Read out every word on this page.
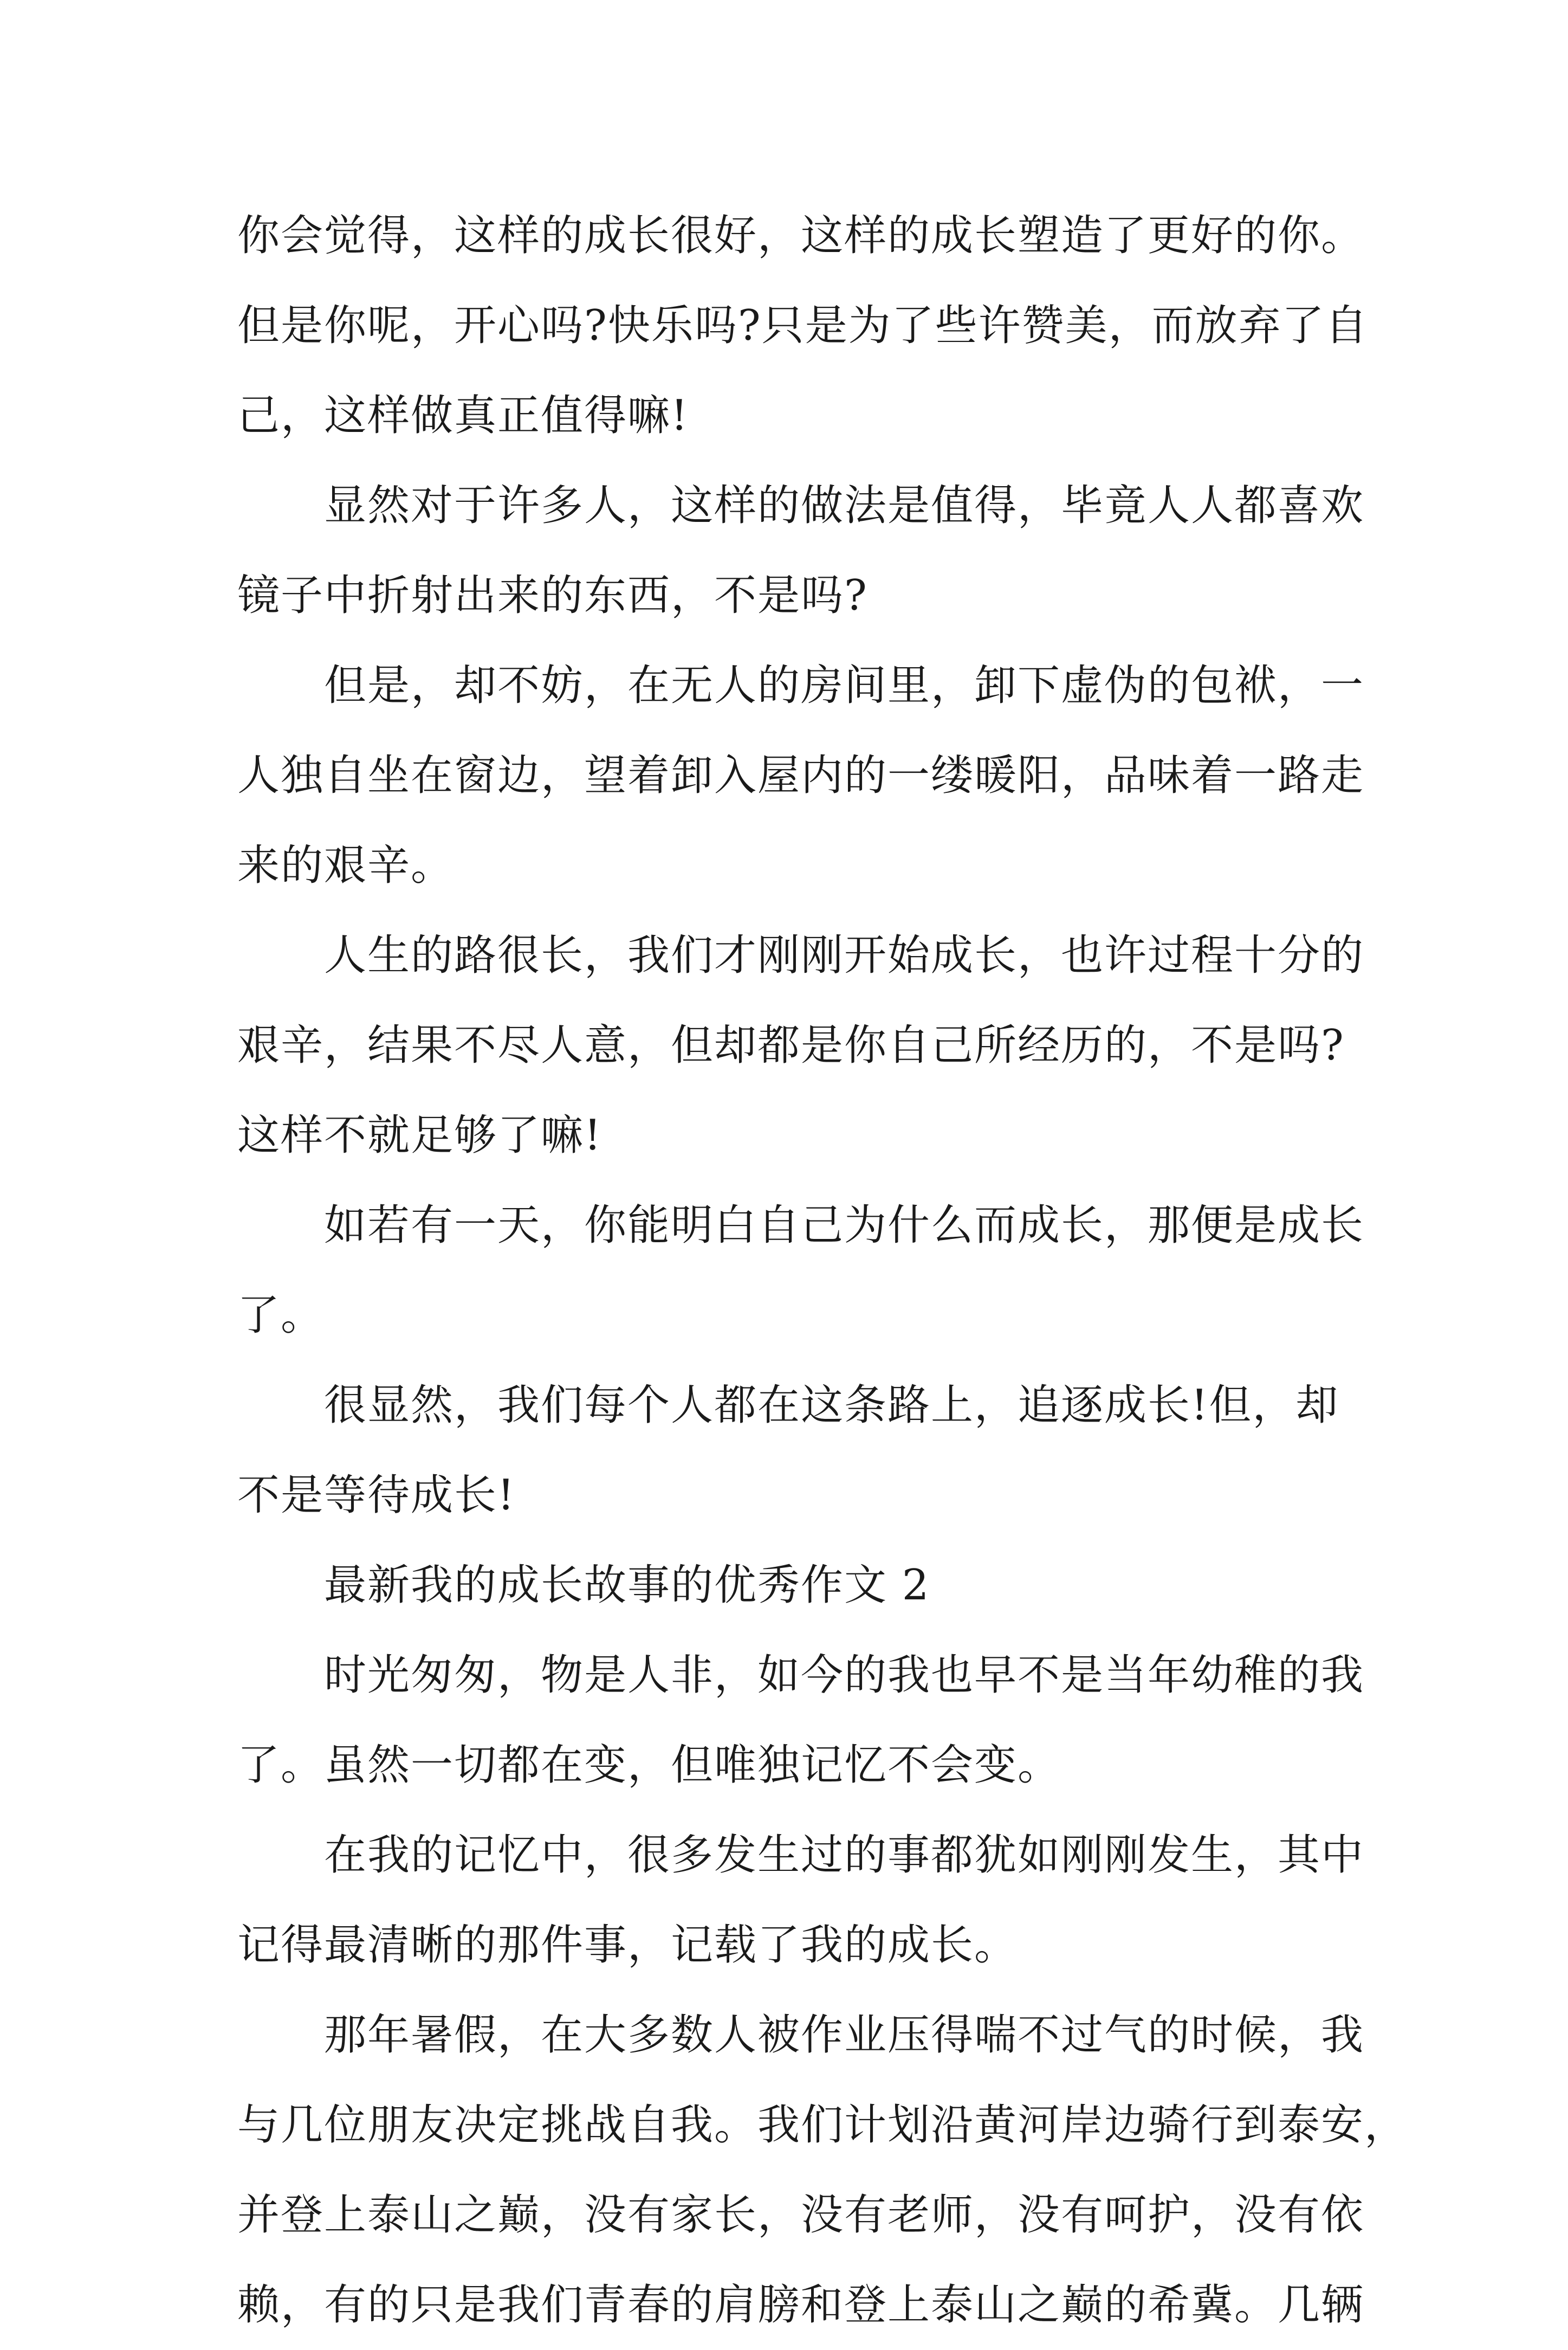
你会觉得，这样的成长很好，这样的成长塑造了更好的你。

但是你呢，开心吗?快乐吗?只是为了些许赞美，而放弃了自

己，这样做真正值得嘛!

显然对于许多人，这样的做法是值得，毕竟人人都喜欢

镜子中折射出来的东西，不是吗?

但是，却不妨，在无人的房间里，卸下虚伪的包袱，一

人独自坐在窗边，望着卸入屋内的一缕暖阳，品味着一路走

来的艰辛。

人生的路很长，我们才刚刚开始成长，也许过程十分的

艰辛，结果不尽人意，但却都是你自己所经历的，不是吗?

这样不就足够了嘛!

如若有一天，你能明白自己为什么而成长，那便是成长

了。

很显然，我们每个人都在这条路上，追逐成长!但，却

不是等待成长!

最新我的成长故事的优秀作文 2

时光匆匆，物是人非，如今的我也早不是当年幼稚的我

了。虽然一切都在变，但唯独记忆不会变。

在我的记忆中，很多发生过的事都犹如刚刚发生，其中

记得最清晰的那件事，记载了我的成长。

那年暑假，在大多数人被作业压得喘不过气的时候，我

与几位朋友决定挑战自我。我们计划沿黄河岸边骑行到泰安，

并登上泰山之巅，没有家长，没有老师，没有呵护，没有依

赖，有的只是我们青春的肩膀和登上泰山之巅的希冀。几辆
